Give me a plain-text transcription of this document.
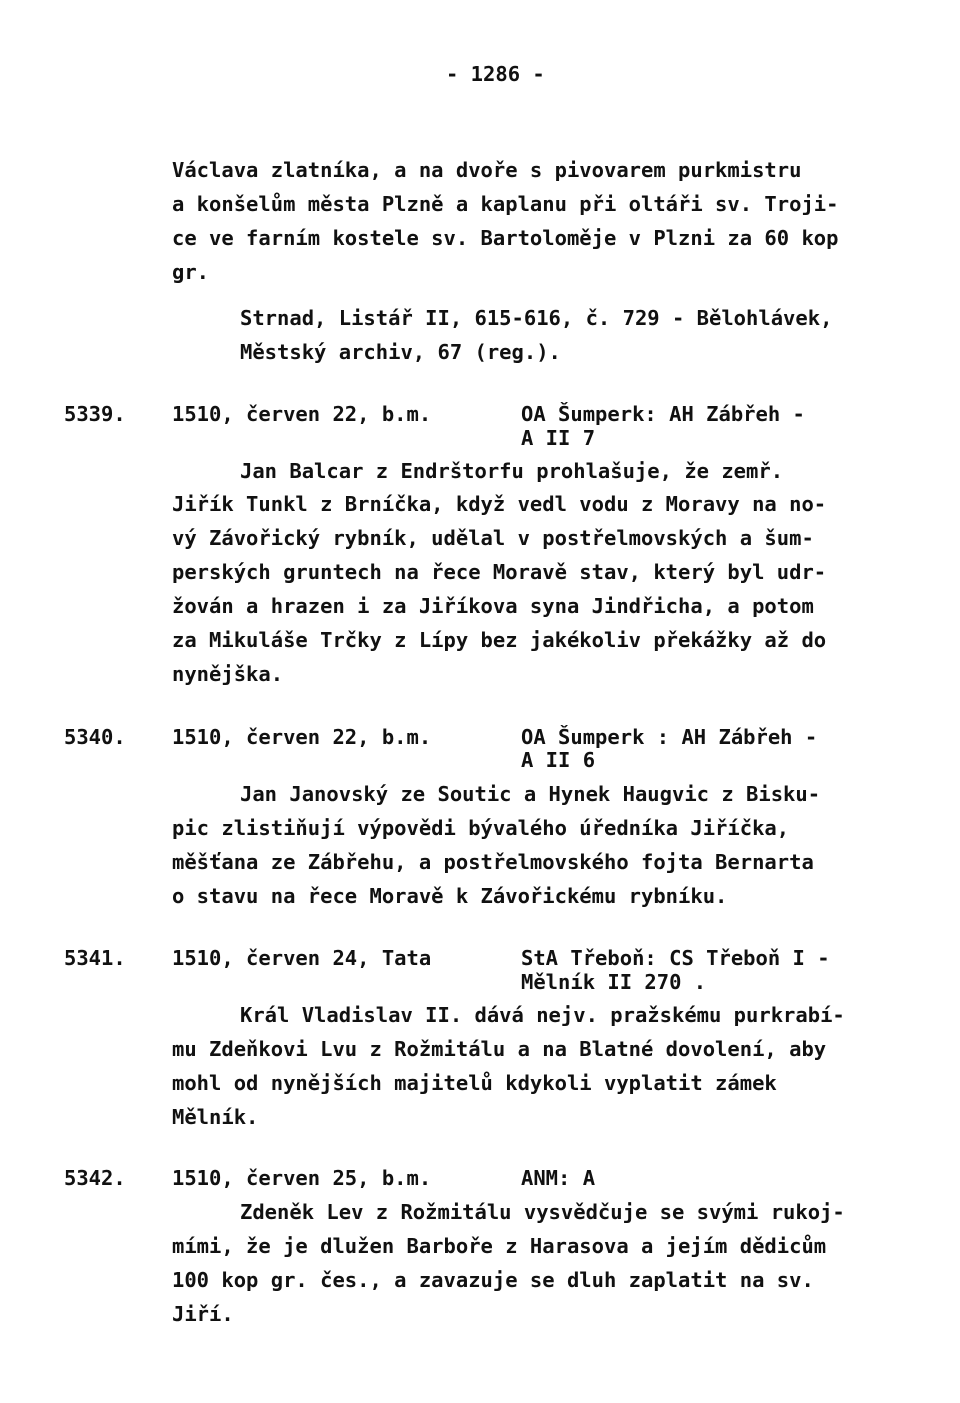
- 1286 -
Václava zlatníka, a na dvoře s pivovarem purkmistru
a konšelům města Plzně a kaplanu při oltáři sv. Troji-
ce ve farním kostele sv. Bartoloměje v Plzni za 60 kop
gr.
Strnad, Listář II, 615-616, č. 729 - Bělohlávek,
Městský archiv, 67 (reg.).
5339. 1510, červen 22, b.m.	OA Šumperk: AH Zábřeh -
A II 7
Jan Balcar z Endrštorfu prohlašuje, že zemř.
Jiřík Tunkl z Brníčka, když vedl vodu z Moravy na no-
vý Závořický rybník, udělal v postřelmovských a šum-
perských gruntech na řece Moravě stav, který byl udr-
žován a hrazen i za Jiříkova syna Jindřicha, a potom
za Mikuláše Trčky z Lípy bez jakékoliv překážky až do
nynějška.
5340. 1510, červen 22, b.m.	OA Šumperk : AH Zábřeh -
A II 6
Jan Janovský ze Soutic a Hynek Haugvic z Bisku-
pic zlistiňují výpovědi bývalého úředníka Jiříčka,
měšťana ze Zábřehu, a postřelmovského fojta Bernarta
o stavu na řece Moravě k Závořickému rybníku.
5341. 1510, červen 24, Tata	StA Třeboň: CS Třeboň I -
Mělník II 270 .
Král Vladislav II. dává nejv. pražskému purkrabí-
mu Zdeňkovi Lvu z Rožmitálu a na Blatné dovolení, aby
mohl od nynějších majitelů kdykoli vyplatit zámek
Mělník.
5342. 1510, červen 25, b.m.	ANM: A
Zdeněk Lev z Rožmitálu vysvědčuje se svými rukoj-
mími, že je dlužen Barboře z Harasova a jejím dědicům
100 kop gr. čes., a zavazuje se dluh zaplatit na sv.
Jiří.
